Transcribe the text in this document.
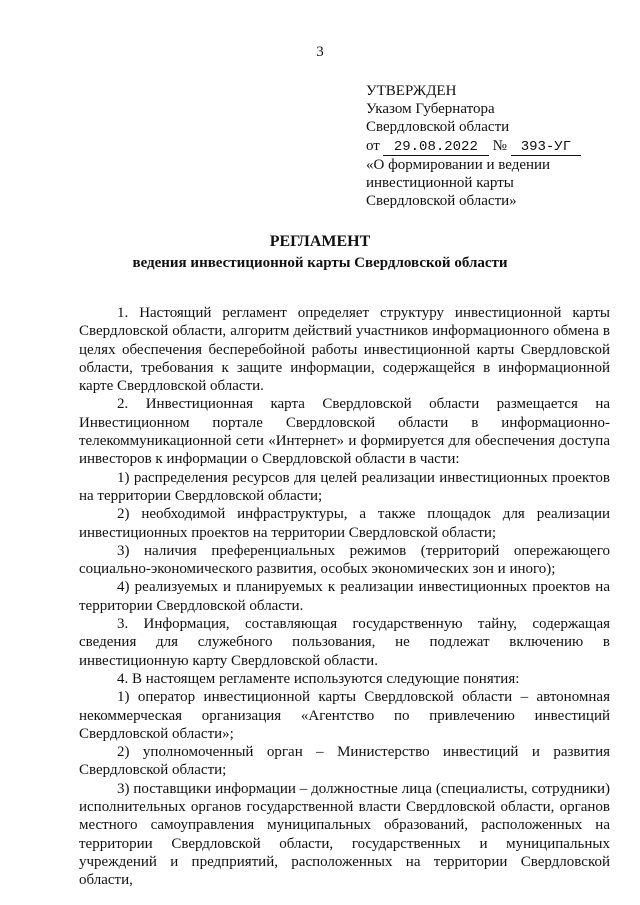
3
УТВЕРЖДЕН
Указом Губернатора
Свердловской области
от 29.08.2022 № 393-УГ
«О формировании и ведении
инвестиционной карты
Свердловской области»
РЕГЛАМЕНТ
ведения инвестиционной карты Свердловской области

1. Настоящий регламент определяет структуру инвестиционной карты Свердловской области, алгоритм действий участников информационного обмена в целях обеспечения бесперебойной работы инвестиционной карты Свердловской области, требования к защите информации, содержащейся в информационной карте Свердловской области.

2. Инвестиционная карта Свердловской области размещается на Инвестиционном портале Свердловской области в информационно-телекоммуникационной сети «Интернет» и формируется для обеспечения доступа инвесторов к информации о Свердловской области в части:

1) распределения ресурсов для целей реализации инвестиционных проектов на территории Свердловской области;

2) необходимой инфраструктуры, а также площадок для реализации инвестиционных проектов на территории Свердловской области;

3) наличия преференциальных режимов (территорий опережающего социально-экономического развития, особых экономических зон и иного);

4) реализуемых и планируемых к реализации инвестиционных проектов на территории Свердловской области.

3. Информация, составляющая государственную тайну, содержащая сведения для служебного пользования, не подлежат включению в инвестиционную карту Свердловской области.

4. В настоящем регламенте используются следующие понятия:

1) оператор инвестиционной карты Свердловской области – автономная некоммерческая организация «Агентство по привлечению инвестиций Свердловской области»;

2) уполномоченный орган – Министерство инвестиций и развития Свердловской области;

3) поставщики информации – должностные лица (специалисты, сотрудники) исполнительных органов государственной власти Свердловской области, органов местного самоуправления муниципальных образований, расположенных на территории Свердловской области, государственных и муниципальных учреждений и предприятий, расположенных на территории Свердловской области,
